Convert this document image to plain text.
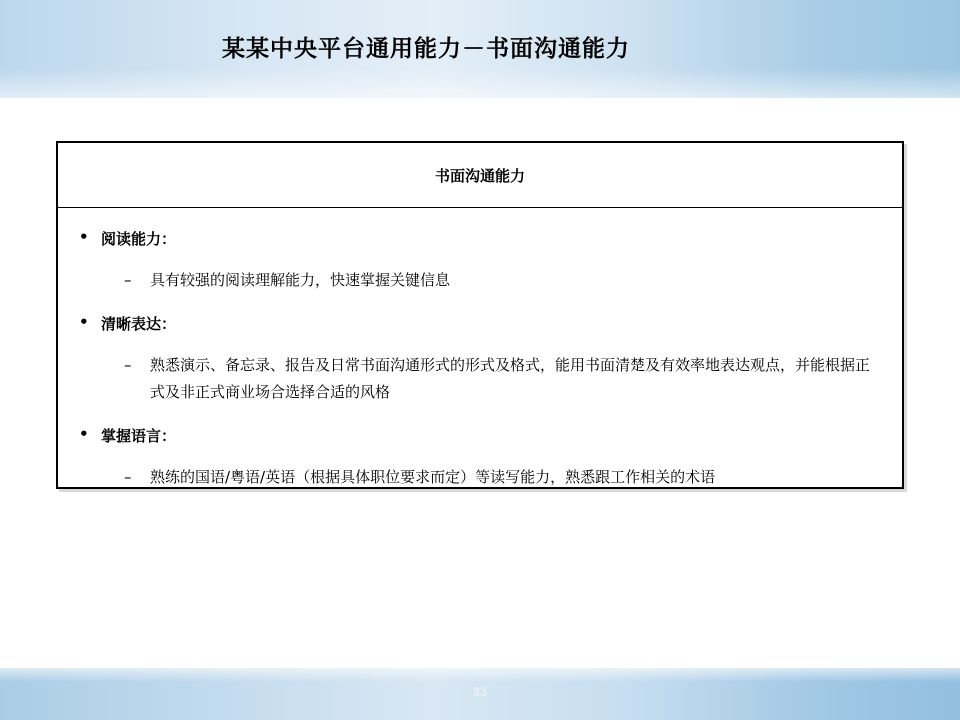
某某中央平台通用能力－书面沟通能力
书面沟通能力
• 阅读能力：
–	具有较强的阅读理解能力，快速掌握关键信息
• 清晰表达：
–	熟悉演示、备忘录、报告及日常书面沟通形式的形式及格式，能用书面清楚及有效率地表达观点，并能根据正式及非正式商业场合选择合适的风格
• 掌握语言：
–	熟练的国语/粤语/英语（根据具体职位要求而定）等读写能力，熟悉跟工作相关的术语
33
